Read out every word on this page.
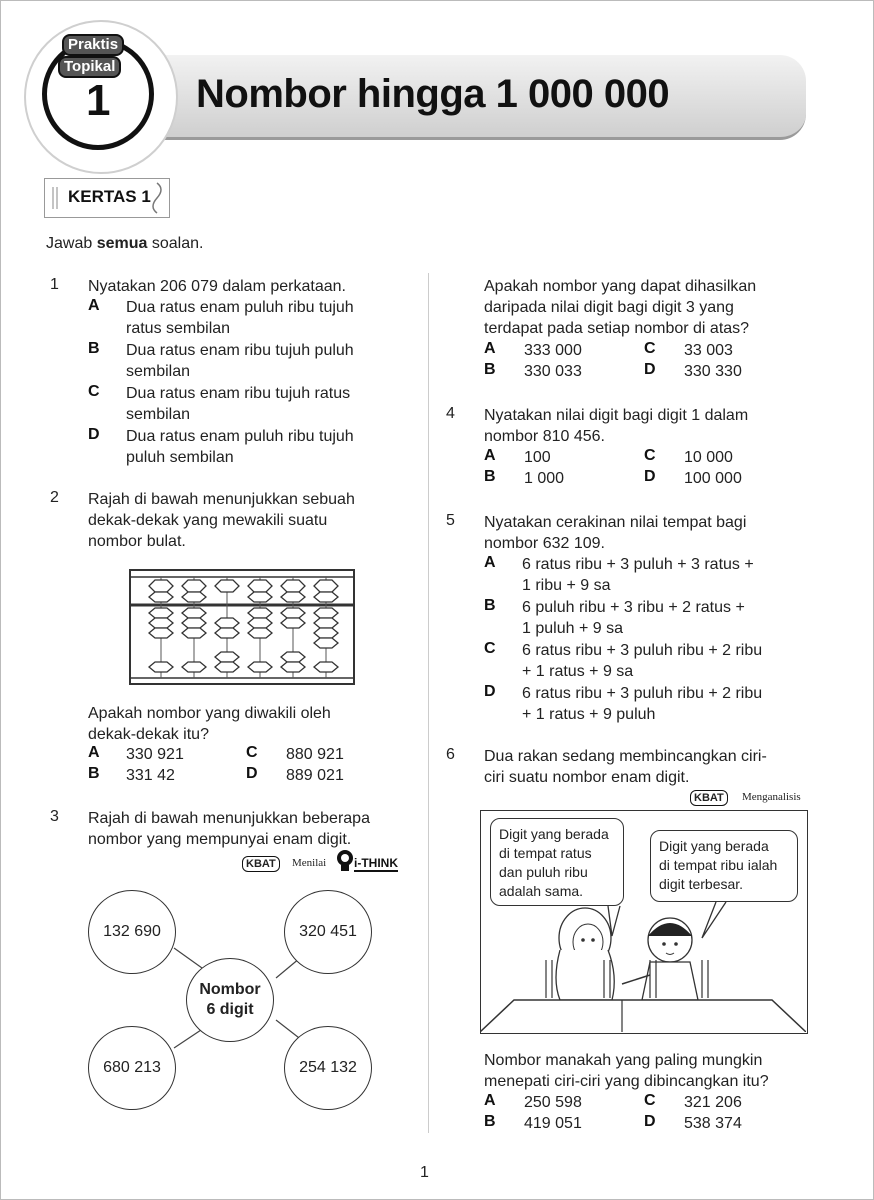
Nombor hingga 1 000 000
Praktis
Topikal
1
KERTAS 1
Jawab semua soalan.
1 Nyatakan 206 079 dalam perkataan.
A Dua ratus enam puluh ribu tujuh
ratus sembilan
B Dua ratus enam ribu tujuh puluh
sembilan
C Dua ratus enam ribu tujuh ratus
sembilan
D Dua ratus enam puluh ribu tujuh
puluh sembilan
2 Rajah di bawah menunjukkan sebuah
dekak-dekak yang mewakili suatu
nombor bulat.
Apakah nombor yang diwakili oleh
dekak-dekak itu?
A 330 921
B 331 42
C 880 921
D 889 021
3 Rajah di bawah menunjukkan beberapa
nombor yang mempunyai enam digit.
KBAT	Menilai i-THINK
132 690	320 451
680 213	254 132
Nombor
6 digit
Apakah nombor yang dapat dihasilkan
daripada nilai digit bagi digit 3 yang
terdapat pada setiap nombor di atas?
A 333 000
B 330 033
C 33 003
D 330 330
4 Nyatakan nilai digit bagi digit 1 dalam
nombor 810 456.
A 100
B 1 000
C 10 000
D 100 000
5 Nyatakan cerakinan nilai tempat bagi
nombor 632 109.
A 6 ratus ribu + 3 puluh + 3 ratus +
1 ribu + 9 sa
B 6 puluh ribu + 3 ribu + 2 ratus +
1 puluh + 9 sa
C 6 ratus ribu + 3 puluh ribu + 2 ribu
+ 1 ratus + 9 sa
D 6 ratus ribu + 3 puluh ribu + 2 ribu
+ 1 ratus + 9 puluh
6 Dua rakan sedang membincangkan ciri-
ciri suatu nombor enam digit.
KBAT	Menganalisis
Digit yang berada
di tempat ratus
dan puluh ribu
adalah sama.
Digit yang berada
di tempat ribu ialah
digit terbesar.
Nombor manakah yang paling mungkin
menepati ciri-ciri yang dibincangkan itu?
A 250 598
B 419 051
C 321 206
D 538 374
1
